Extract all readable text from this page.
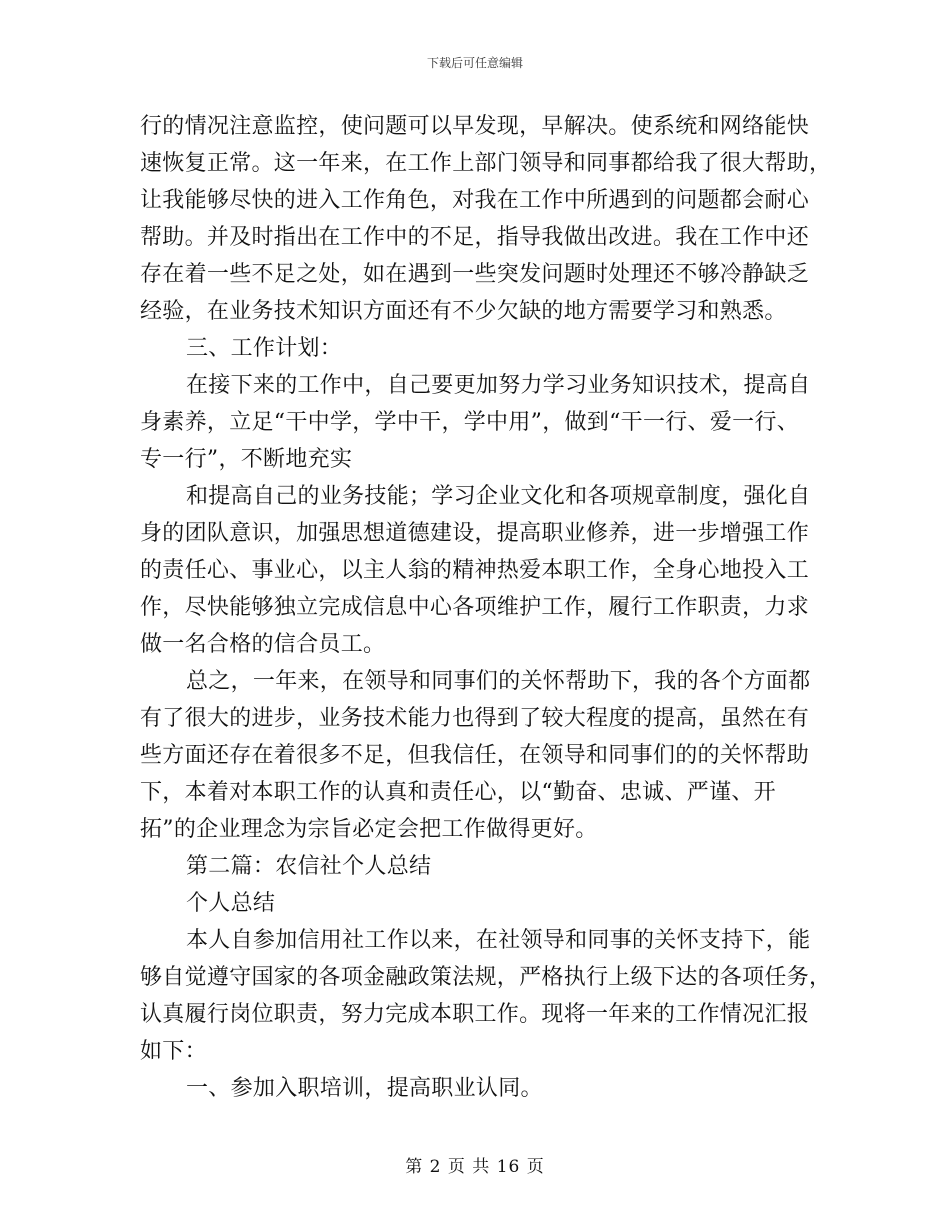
下载后可任意编辑
行的情况注意监控，使问题可以早发现，早解决。使系统和网络能快
速恢复正常。这一年来，在工作上部门领导和同事都给我了很大帮助，
让我能够尽快的进入工作角色，对我在工作中所遇到的问题都会耐心
帮助。并及时指出在工作中的不足，指导我做出改进。我在工作中还
存在着一些不足之处，如在遇到一些突发问题时处理还不够冷静缺乏
经验，在业务技术知识方面还有不少欠缺的地方需要学习和熟悉。
三、工作计划：
在接下来的工作中，自己要更加努力学习业务知识技术，提高自
身素养，立足“干中学，学中干，学中用”，做到“干一行、爱一行、
专一行”，不断地充实
和提高自己的业务技能；学习企业文化和各项规章制度，强化自
身的团队意识，加强思想道德建设，提高职业修养，进一步增强工作
的责任心、事业心，以主人翁的精神热爱本职工作，全身心地投入工
作，尽快能够独立完成信息中心各项维护工作，履行工作职责，力求
做一名合格的信合员工。
总之，一年来，在领导和同事们的关怀帮助下，我的各个方面都
有了很大的进步，业务技术能力也得到了较大程度的提高，虽然在有
些方面还存在着很多不足，但我信任，在领导和同事们的的关怀帮助
下，本着对本职工作的认真和责任心，以“勤奋、忠诚、严谨、开
拓”的企业理念为宗旨必定会把工作做得更好。
第二篇：农信社个人总结
个人总结
本人自参加信用社工作以来，在社领导和同事的关怀支持下，能
够自觉遵守国家的各项金融政策法规，严格执行上级下达的各项任务，
认真履行岗位职责，努力完成本职工作。现将一年来的工作情况汇报
如下：
一、参加入职培训，提高职业认同。
第 2 页 共 16 页
